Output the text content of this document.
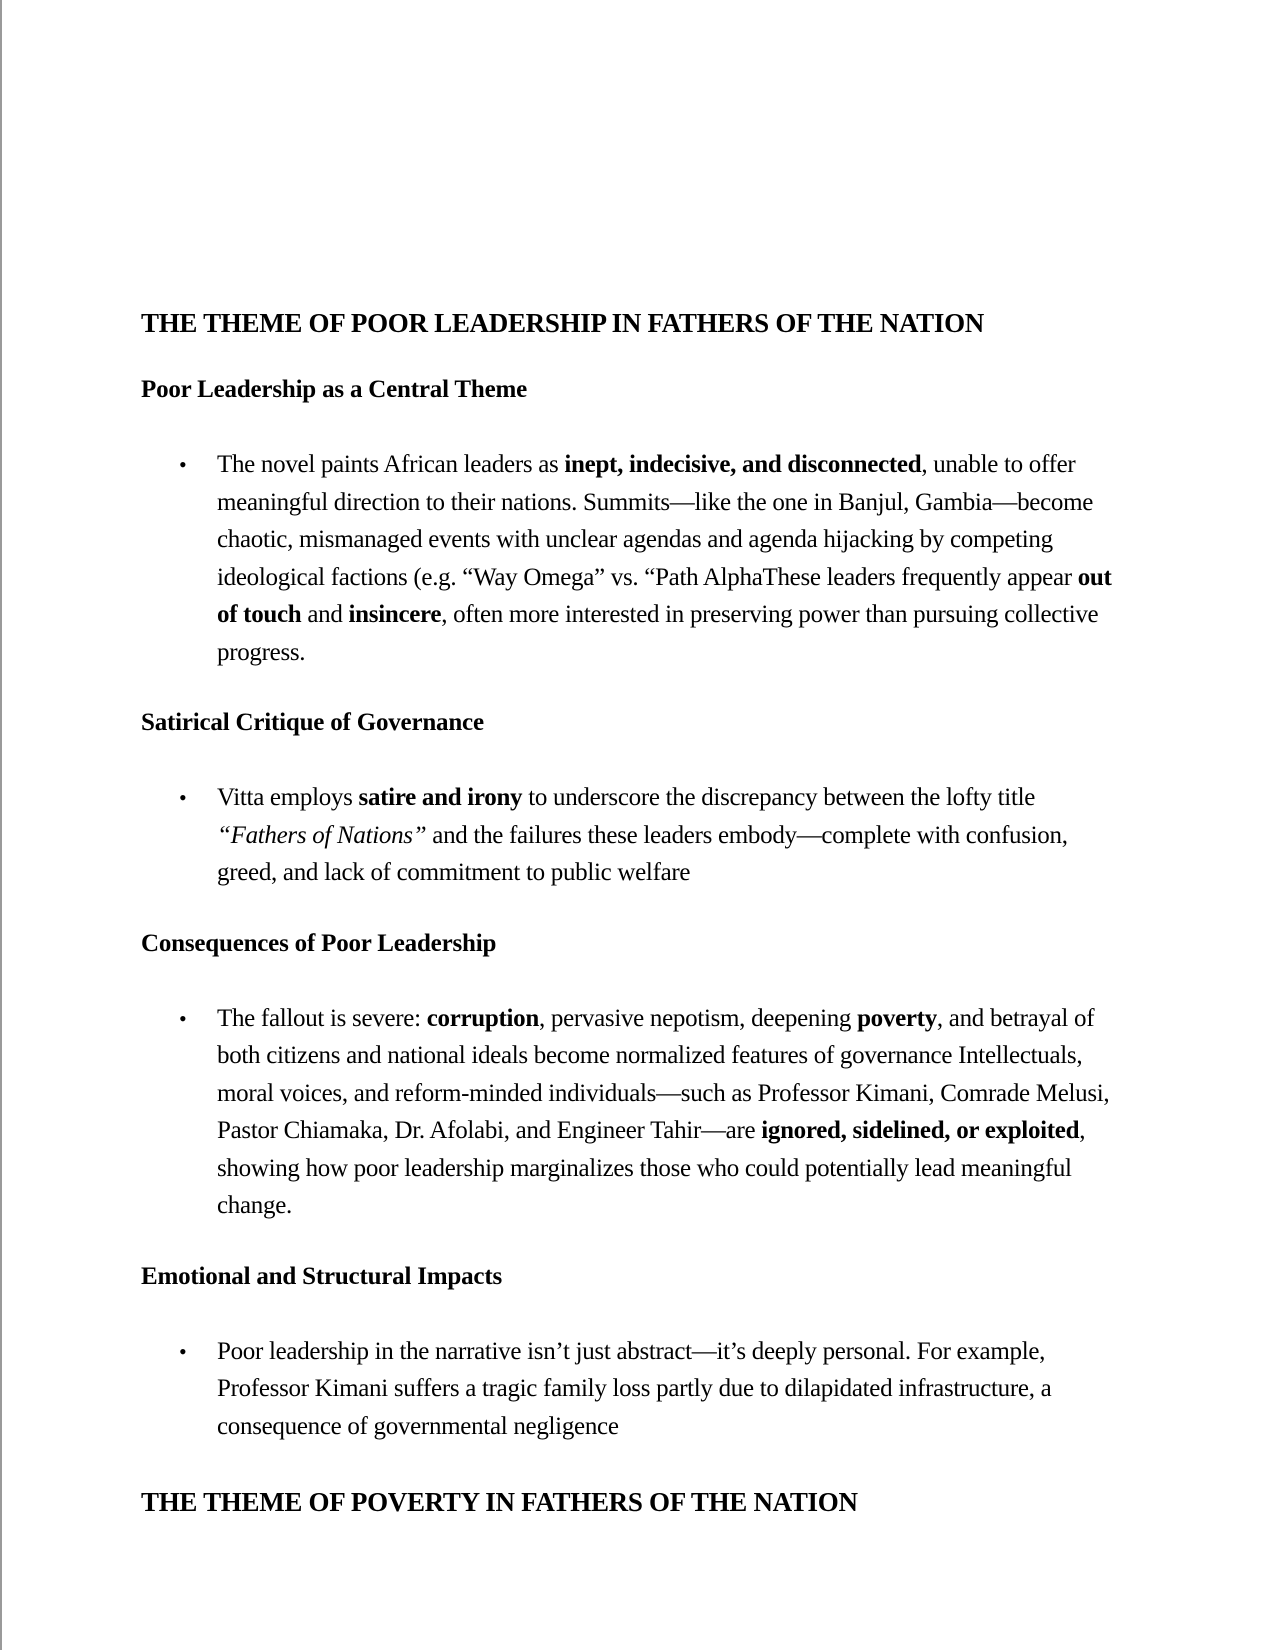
THE THEME OF POOR LEADERSHIP IN FATHERS OF THE NATION
Poor Leadership as a Central Theme
• The novel paints African leaders as inept, indecisive, and disconnected, unable to offer meaningful direction to their nations. Summits—like the one in Banjul, Gambia—become chaotic, mismanaged events with unclear agendas and agenda hijacking by competing ideological factions (e.g. “Way Omega” vs. “Path AlphaThese leaders frequently appear out of touch and insincere, often more interested in preserving power than pursuing collective progress.
Satirical Critique of Governance
• Vitta employs satire and irony to underscore the discrepancy between the lofty title
“Fathers of Nations” and the failures these leaders embody—complete with confusion, greed, and lack of commitment to public welfare
Consequences of Poor Leadership
• The fallout is severe: corruption, pervasive nepotism, deepening poverty, and betrayal of both citizens and national ideals become normalized features of governance Intellectuals, moral voices, and reform-minded individuals—such as Professor Kimani, Comrade Melusi, Pastor Chiamaka, Dr. Afolabi, and Engineer Tahir—are ignored, sidelined, or exploited, showing how poor leadership marginalizes those who could potentially lead meaningful change.
Emotional and Structural Impacts
• Poor leadership in the narrative isn’t just abstract—it’s deeply personal. For example, Professor Kimani suffers a tragic family loss partly due to dilapidated infrastructure, a consequence of governmental negligence
THE THEME OF POVERTY IN FATHERS OF THE NATION
